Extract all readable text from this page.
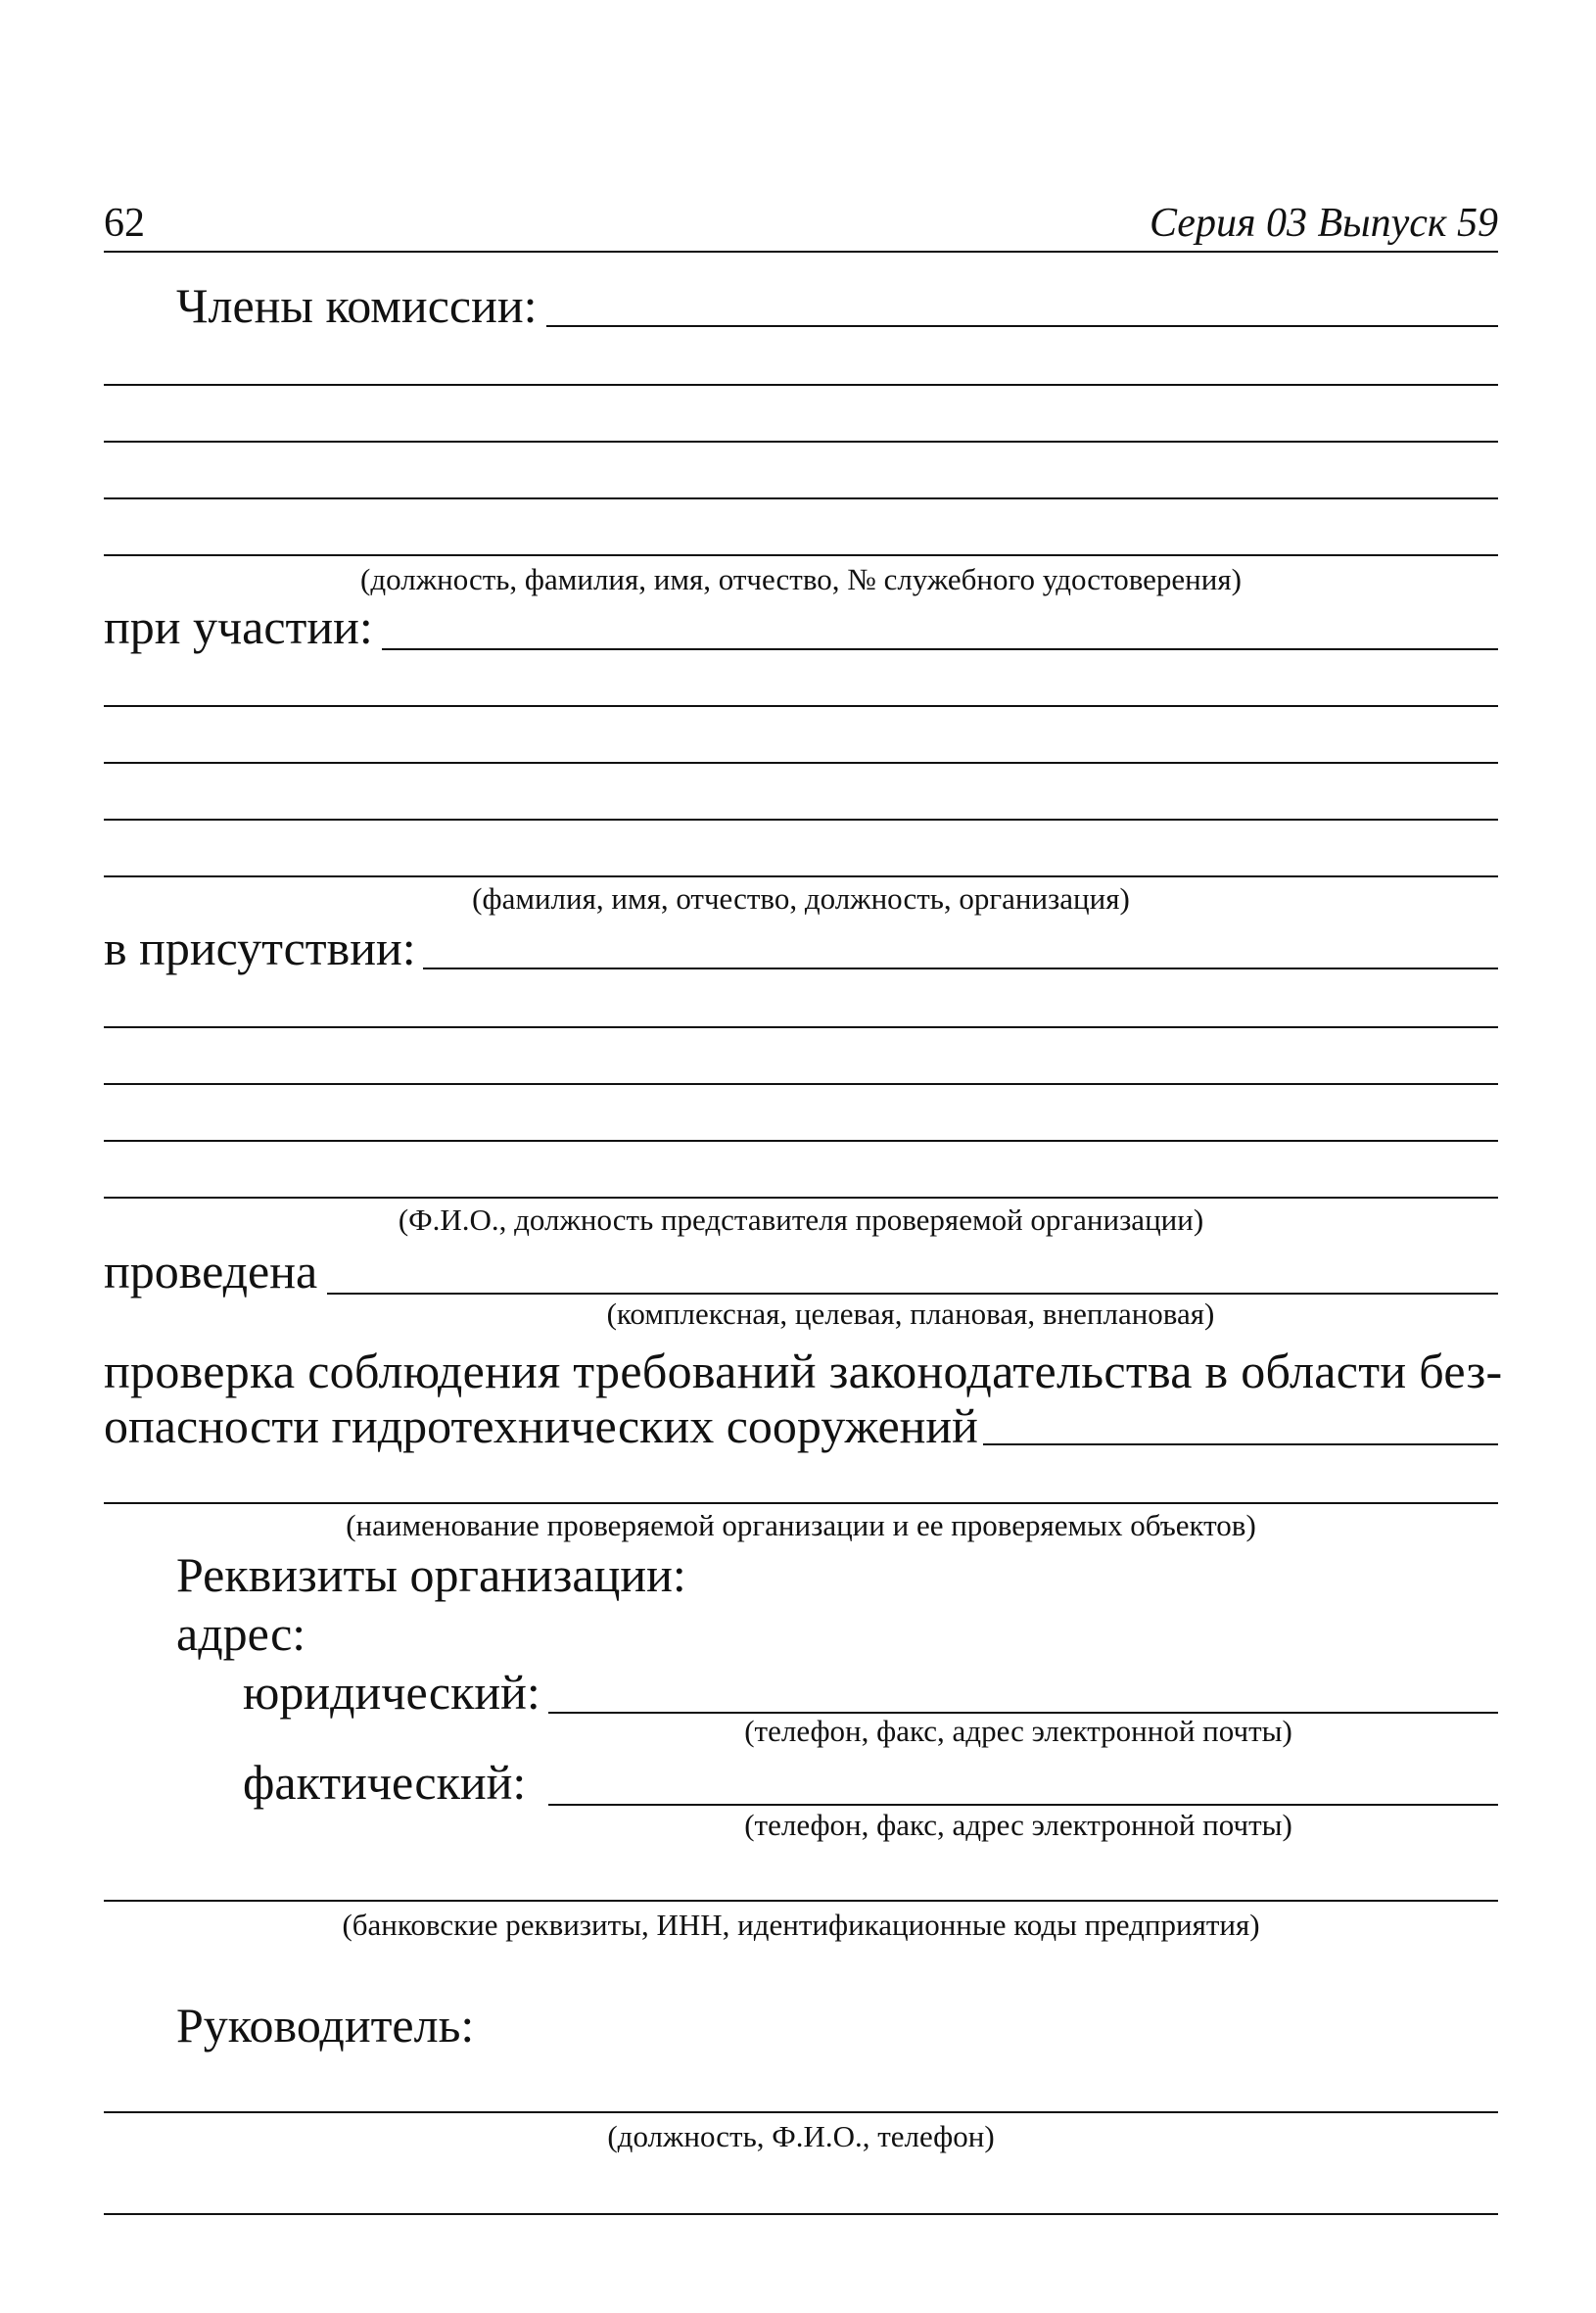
62	Серия 03 Выпуск 59
Члены комиссии:
(должность, фамилия, имя, отчество, № служебного удостоверения)
при участии:
(фамилия, имя, отчество, должность, организация)
в присутствии:
(Ф.И.О., должность представителя проверяемой организации)
проведена
(комплексная, целевая, плановая, внеплановая)
проверка соблюдения требований законодательства в области без-
опасности гидротехнических сооружений
(наименование проверяемой организации и ее проверяемых объектов)
Реквизиты организации:
адрес:
юридический:
(телефон, факс, адрес электронной почты)
фактический:
(телефон, факс, адрес электронной почты)
(банковские реквизиты, ИНН, идентификационные коды предприятия)
Руководитель:
(должность, Ф.И.О., телефон)
